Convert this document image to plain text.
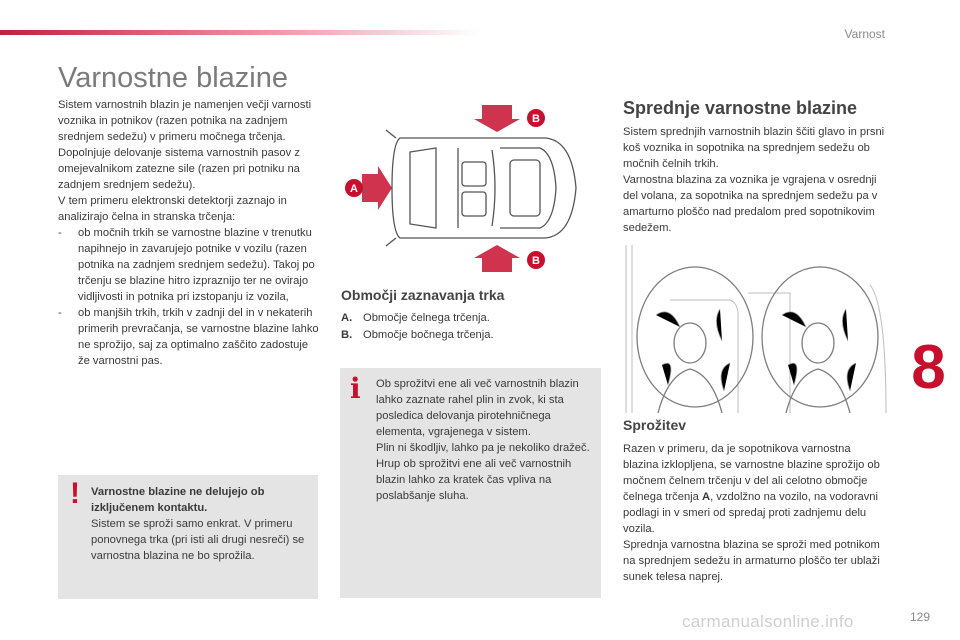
Varnost
Varnostne blazine

Sistem varnostnih blazin je namenjen večji varnosti voznika in potnikov (razen potnika na zadnjem srednjem sedežu) v primeru močnega trčenja. Dopolnjuje delovanje sistema varnostnih pasov z omejevalnikom zatezne sile (razen pri potniku na zadnjem srednjem sedežu).

V tem primeru elektronski detektorji zaznajo in analizirajo čelna in stranska trčenja:

- ob močnih trkih se varnostne blazine v trenutku napihnejo in zavarujejo potnike v vozilu (razen potnika na zadnjem srednjem sedežu). Takoj po trčenju se blazine hitro izpraznijo ter ne ovirajo vidljivosti in potnika pri izstopanju iz vozila,
- ob manjših trkih, trkih v zadnji del in v nekaterih primerih prevračanja, se varnostne blazine lahko ne sprožijo, saj za optimalno zaščito zadostuje že varnostni pas.
! Varnostne blazine ne delujejo ob izključenem kontaktu.
Sistem se sproži samo enkrat. V primeru ponovnega trka (pri isti ali drugi nesreči) se varnostna blazina ne bo sprožila.
B
B
A
Območji zaznavanja trka
A. Območje čelnega trčenja.
B. Območje bočnega trčenja.
i Ob sprožitvi ene ali več varnostnih blazin lahko zaznate rahel plin in zvok, ki sta posledica delovanja pirotehničnega elementa, vgrajenega v sistem.
Plin ni škodljiv, lahko pa je nekoliko dražeč.
Hrup ob sprožitvi ene ali več varnostnih blazin lahko za kratek čas vpliva na poslabšanje sluha.
Sprednje varnostne blazine

Sistem sprednjih varnostnih blazin ščiti glavo in prsni koš voznika in sopotnika na sprednjem sedežu ob močnih čelnih trkih.

Varnostna blazina za voznika je vgrajena v osrednji del volana, za sopotnika na sprednjem sedežu pa v amarturno ploščo nad predalom pred sopotnikovim sedežem.

Sprožitev

Razen v primeru, da je sopotnikova varnostna blazina izklopljena, se varnostne blazine sprožijo ob močnem čelnem trčenju v del ali celotno območje čelnega trčenja A, vzdolžno na vozilo, na vodoravni podlagi in v smeri od spredaj proti zadnjemu delu vozila.

Sprednja varnostna blazina se sproži med potnikom na sprednjem sedežu in armaturno ploščo ter ublaži sunek telesa naprej.

8
carmanualsonline.info	129
